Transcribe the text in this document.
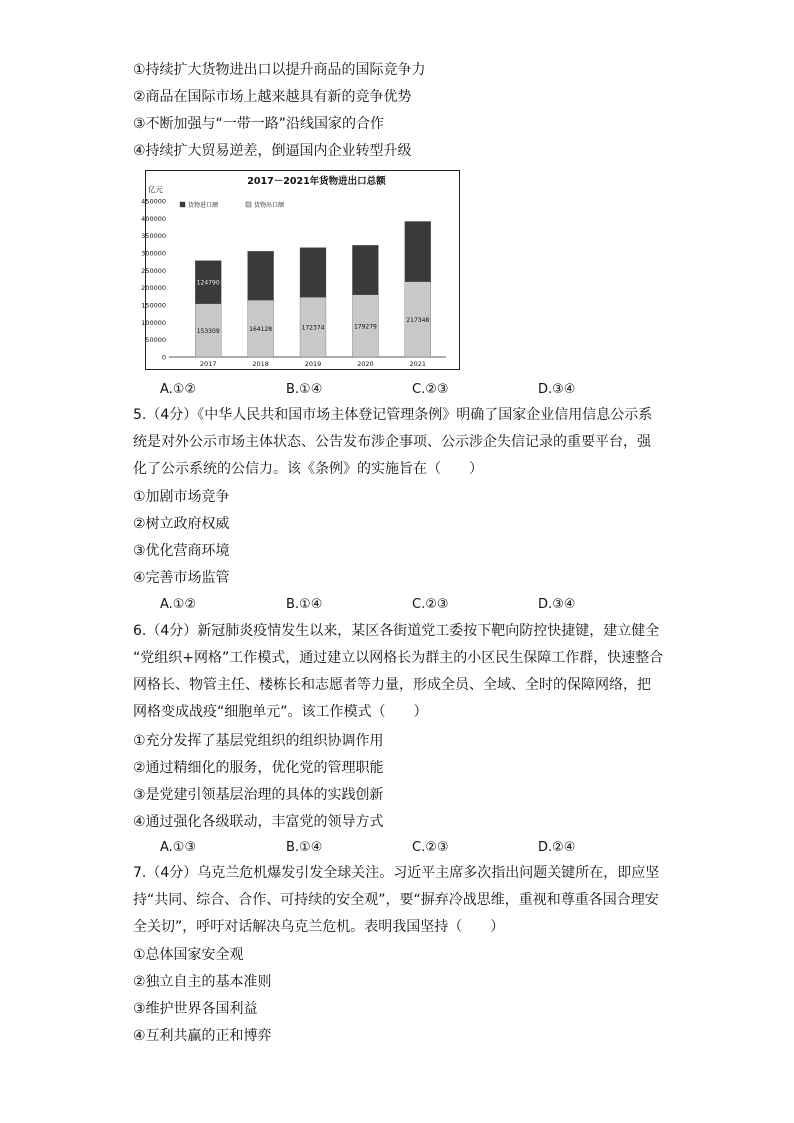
①持续扩大货物进出口以提升商品的国际竞争力
②商品在国际市场上越来越具有新的竞争优势
③不断加强与“一带一路”沿线国家的合作
④持续扩大贸易逆差，倒逼国内企业转型升级
2017－2021年货物进出口总额
亿元
0
50000
100000
150000
200000
250000
300000
350000
400000
450000	货物进口额	货物出口额
153309
124790
2017
164128
2018
172374
2019
179279
2020
217348
2021
A.①②	B.①④	C.②③	D.③④
5.（4分）《中华人民共和国市场主体登记管理条例》明确了国家企业信用信息公示系
统是对外公示市场主体状态、公告发布涉企事项、公示涉企失信记录的重要平台，强
化了公示系统的公信力。该《条例》的实施旨在（　　）
①加剧市场竞争
②树立政府权威
③优化营商环境
④完善市场监管
A.①②	B.①④	C.②③	D.③④
6.（4分）新冠肺炎疫情发生以来，某区各街道党工委按下靶向防控快捷键，建立健全
“党组织+网格”工作模式，通过建立以网格长为群主的小区民生保障工作群，快速整合
网格长、物管主任、楼栋长和志愿者等力量，形成全员、全域、全时的保障网络，把
网格变成战疫“细胞单元”。该工作模式（　　）
①充分发挥了基层党组织的组织协调作用
②通过精细化的服务，优化党的管理职能
③是党建引领基层治理的具体的实践创新
④通过强化各级联动，丰富党的领导方式
A.①③	B.①④	C.②③	D.②④
7.（4分）乌克兰危机爆发引发全球关注。习近平主席多次指出问题关键所在，即应坚
持“共同、综合、合作、可持续的安全观”，要“摒弃冷战思维，重视和尊重各国合理安
全关切”，呼吁对话解决乌克兰危机。表明我国坚持（　　）
①总体国家安全观
②独立自主的基本准则
③维护世界各国利益
④互利共赢的正和博弈
